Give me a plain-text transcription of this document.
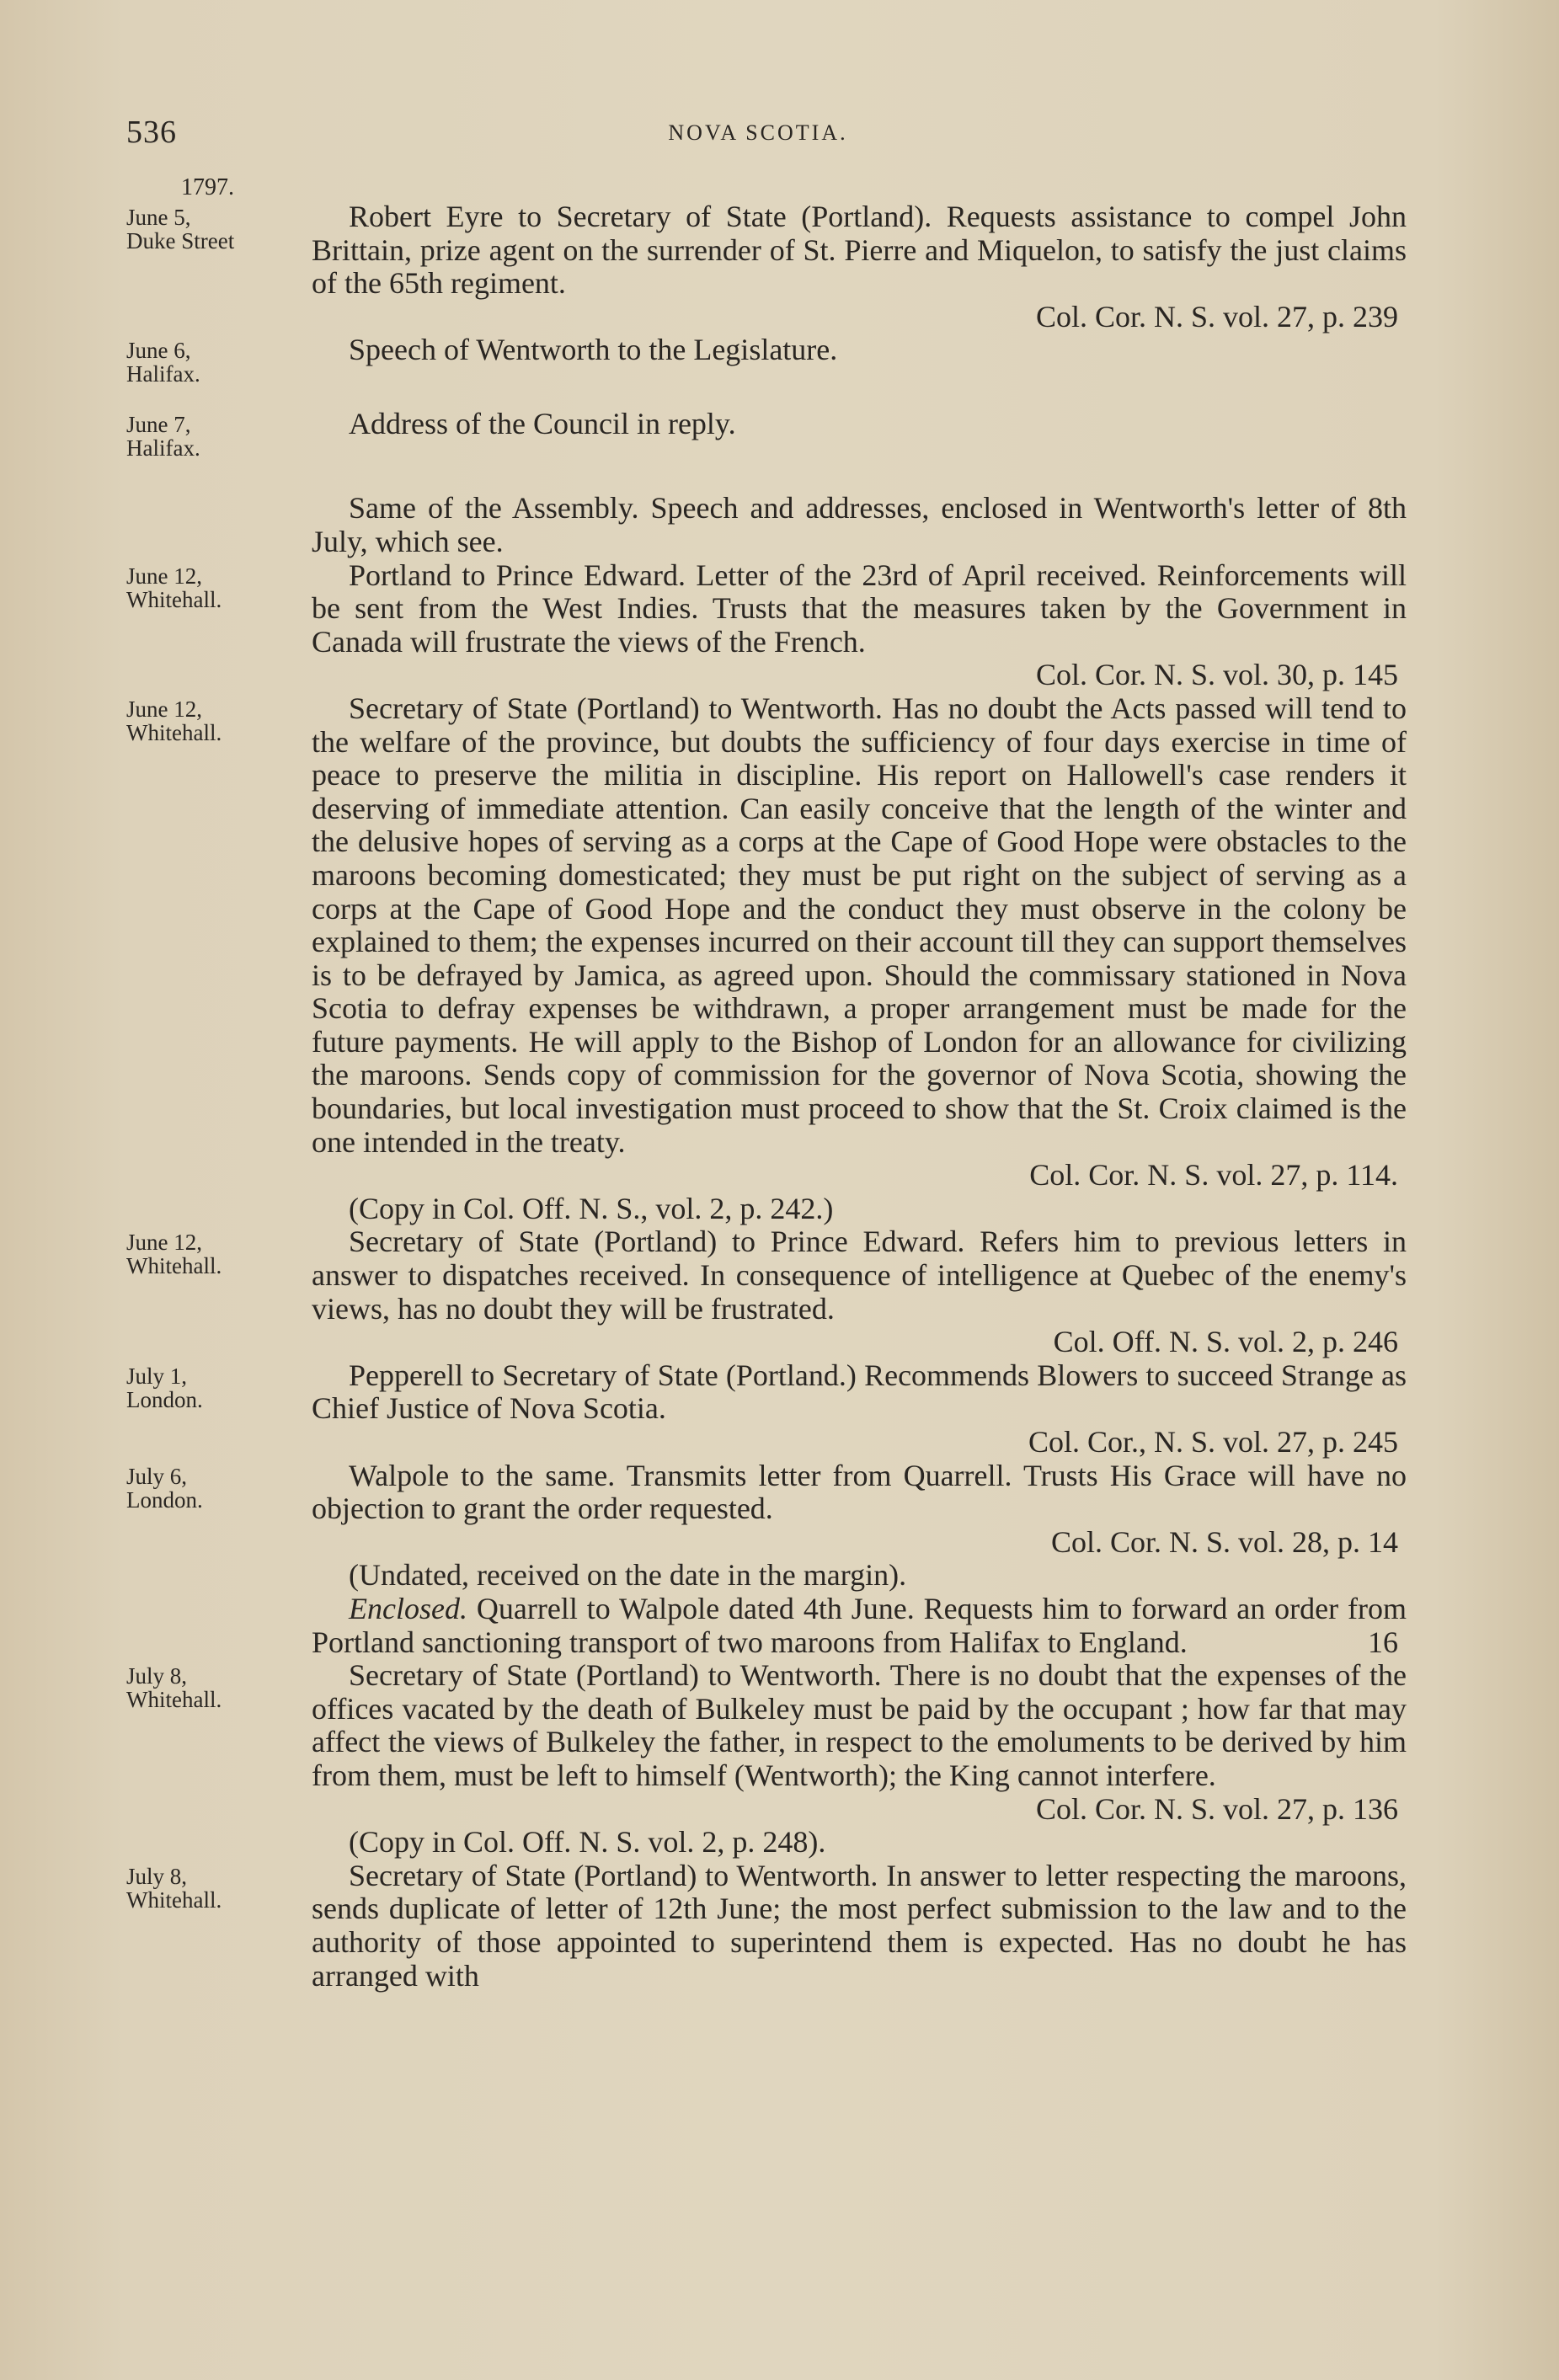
536	NOVA SCOTIA.
1797.
June 5,
Duke Street

Robert Eyre to Secretary of State (Portland). Requests assistance to compel John Brittain, prize agent on the surrender of St. Pierre and Miquelon, to satisfy the just claims of the 65th regiment.

Col. Cor. N. S. vol. 27, p. 239
June 6,
Halifax.

Speech of Wentworth to the Legislature.

June 7,
Halifax.

Address of the Council in reply.

Same of the Assembly. Speech and addresses, enclosed in Wentworth's letter of 8th July, which see.

June 12,
Whitehall.

Portland to Prince Edward. Letter of the 23rd of April received. Reinforcements will be sent from the West Indies. Trusts that the measures taken by the Government in Canada will frustrate the views of the French.

Col. Cor. N. S. vol. 30, p. 145
June 12,
Whitehall.

Secretary of State (Portland) to Wentworth. Has no doubt the Acts passed will tend to the welfare of the province, but doubts the sufficiency of four days exercise in time of peace to preserve the militia in discipline. His report on Hallowell's case renders it deserving of immediate attention. Can easily conceive that the length of the winter and the delusive hopes of serving as a corps at the Cape of Good Hope were obstacles to the maroons becoming domesticated; they must be put right on the subject of serving as a corps at the Cape of Good Hope and the conduct they must observe in the colony be explained to them; the expenses incurred on their account till they can support themselves is to be defrayed by Jamica, as agreed upon. Should the commissary stationed in Nova Scotia to defray expenses be withdrawn, a proper arrangement must be made for the future payments. He will apply to the Bishop of London for an allowance for civilizing the maroons. Sends copy of commission for the governor of Nova Scotia, showing the boundaries, but local investigation must proceed to show that the St. Croix claimed is the one intended in the treaty.

Col. Cor. N. S. vol. 27, p. 114.
(Copy in Col. Off. N. S., vol. 2, p. 242.)
June 12,
Whitehall.

Secretary of State (Portland) to Prince Edward. Refers him to previous letters in answer to dispatches received. In consequence of intelligence at Quebec of the enemy's views, has no doubt they will be frustrated.

Col. Off. N. S. vol. 2, p. 246
July 1,
London.

Pepperell to Secretary of State (Portland.) Recommends Blowers to succeed Strange as Chief Justice of Nova Scotia.

Col. Cor., N. S. vol. 27, p. 245
July 6,
London.

Walpole to the same. Transmits letter from Quarrell. Trusts His Grace will have no objection to grant the order requested.

Col. Cor. N. S. vol. 28, p. 14
(Undated, received on the date in the margin).

Enclosed. Quarrell to Walpole dated 4th June. Requests him to forward an order from Portland sanctioning transport of two maroons from Halifax to England.	16

July 8,
Whitehall.

Secretary of State (Portland) to Wentworth. There is no doubt that the expenses of the offices vacated by the death of Bulkeley must be paid by the occupant ; how far that may affect the views of Bulkeley the father, in respect to the emoluments to be derived by him from them, must be left to himself (Wentworth); the King cannot interfere.

Col. Cor. N. S. vol. 27, p. 136
(Copy in Col. Off. N. S. vol. 2, p. 248).
July 8,
Whitehall.

Secretary of State (Portland) to Wentworth. In answer to letter respecting the maroons, sends duplicate of letter of 12th June; the most perfect submission to the law and to the authority of those appointed to superintend them is expected. Has no doubt he has arranged with
